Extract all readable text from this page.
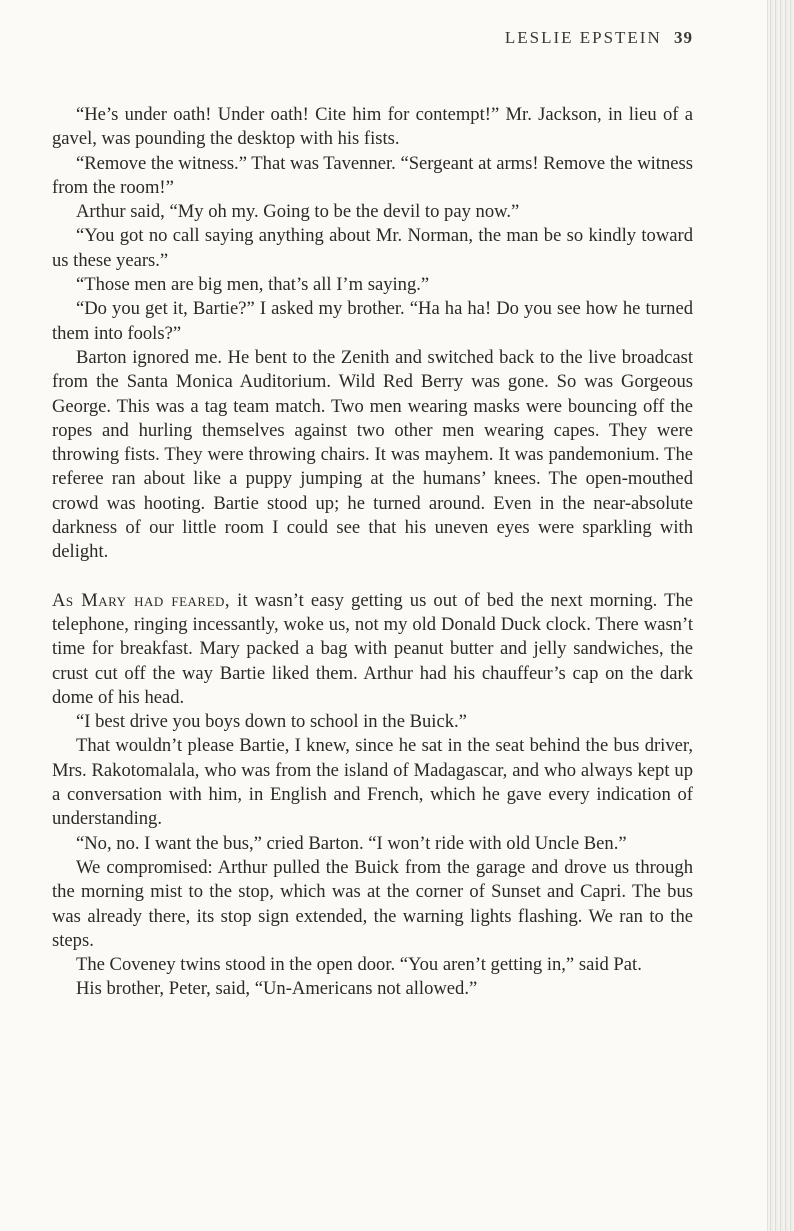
LESLIE EPSTEIN 39

“He’s under oath! Under oath! Cite him for contempt!” Mr. Jackson, in lieu of a gavel, was pounding the desktop with his fists.

“Remove the witness.” That was Tavenner. “Sergeant at arms! Remove the witness from the room!”

Arthur said, “My oh my. Going to be the devil to pay now.”

“You got no call saying anything about Mr. Norman, the man be so kindly toward us these years.”

“Those men are big men, that’s all I’m saying.”

“Do you get it, Bartie?” I asked my brother. “Ha ha ha! Do you see how he turned them into fools?”

Barton ignored me. He bent to the Zenith and switched back to the live broadcast from the Santa Monica Auditorium. Wild Red Berry was gone. So was Gorgeous George. This was a tag team match. Two men wearing masks were bouncing off the ropes and hurling themselves against two other men wearing capes. They were throwing fists. They were throwing chairs. It was mayhem. It was pandemonium. The referee ran about like a puppy jumping at the humans’ knees. The open-mouthed crowd was hooting. Bartie stood up; he turned around. Even in the near-absolute darkness of our little room I could see that his uneven eyes were sparkling with delight.

As Mary had feared, it wasn’t easy getting us out of bed the next morning. The telephone, ringing incessantly, woke us, not my old Donald Duck clock. There wasn’t time for breakfast. Mary packed a bag with peanut butter and jelly sandwiches, the crust cut off the way Bartie liked them. Arthur had his chauffeur’s cap on the dark dome of his head.

“I best drive you boys down to school in the Buick.”

That wouldn’t please Bartie, I knew, since he sat in the seat behind the bus driver, Mrs. Rakotomalala, who was from the island of Madagascar, and who always kept up a conversation with him, in English and French, which he gave every indication of understanding.

“No, no. I want the bus,” cried Barton. “I won’t ride with old Uncle Ben.”

We compromised: Arthur pulled the Buick from the garage and drove us through the morning mist to the stop, which was at the corner of Sunset and Capri. The bus was already there, its stop sign extended, the warning lights flashing. We ran to the steps.

The Coveney twins stood in the open door. “You aren’t getting in,” said Pat.

His brother, Peter, said, “Un-Americans not allowed.”
